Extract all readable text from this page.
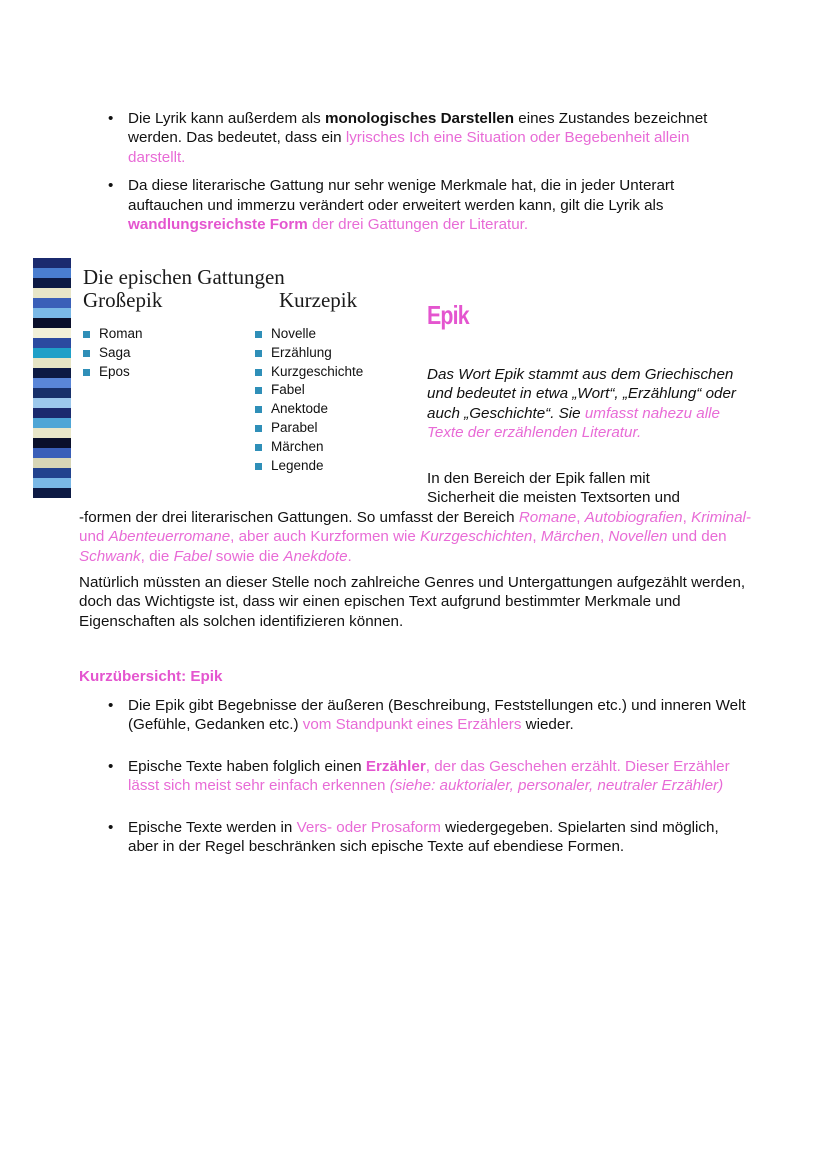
• Die Lyrik kann außerdem als monologisches Darstellen eines Zustandes bezeichnet werden. Das bedeutet, dass ein lyrisches Ich eine Situation oder Begebenheit allein darstellt.
• Da diese literarische Gattung nur sehr wenige Merkmale hat, die in jeder Unterart auftauchen und immerzu verändert oder erweitert werden kann, gilt die Lyrik als wandlungsreichste Form der drei Gattungen der Literatur.
Die epischen Gattungen
Großepik	Kurzepik
Roman
Saga
Epos
Novelle
Erzählung
Kurzgeschichte
Fabel
Anektode
Parabel
Märchen
Legende
Epik
Das Wort Epik stammt aus dem Griechischen und bedeutet in etwa „Wort“, „Erzählung“ oder auch „Geschichte“. Sie umfasst nahezu alle Texte der erzählenden Literatur.
In den Bereich der Epik fallen mit
Sicherheit die meisten Textsorten und
-formen der drei literarischen Gattungen. So umfasst der Bereich Romane, Autobiografien, Kriminal- und Abenteuerromane, aber auch Kurzformen wie Kurzgeschichten, Märchen, Novellen und den Schwank, die Fabel sowie die Anekdote.
Natürlich müssten an dieser Stelle noch zahlreiche Genres und Untergattungen aufgezählt werden, doch das Wichtigste ist, dass wir einen epischen Text aufgrund bestimmter Merkmale und Eigenschaften als solchen identifizieren können.
Kurzübersicht: Epik
• Die Epik gibt Begebnisse der äußeren (Beschreibung, Feststellungen etc.) und inneren Welt (Gefühle, Gedanken etc.) vom Standpunkt eines Erzählers wieder.
• Epische Texte haben folglich einen Erzähler, der das Geschehen erzählt. Dieser Erzähler lässt sich meist sehr einfach erkennen (siehe: auktorialer, personaler, neutraler Erzähler)
• Epische Texte werden in Vers- oder Prosaform wiedergegeben. Spielarten sind möglich, aber in der Regel beschränken sich epische Texte auf ebendiese Formen.
